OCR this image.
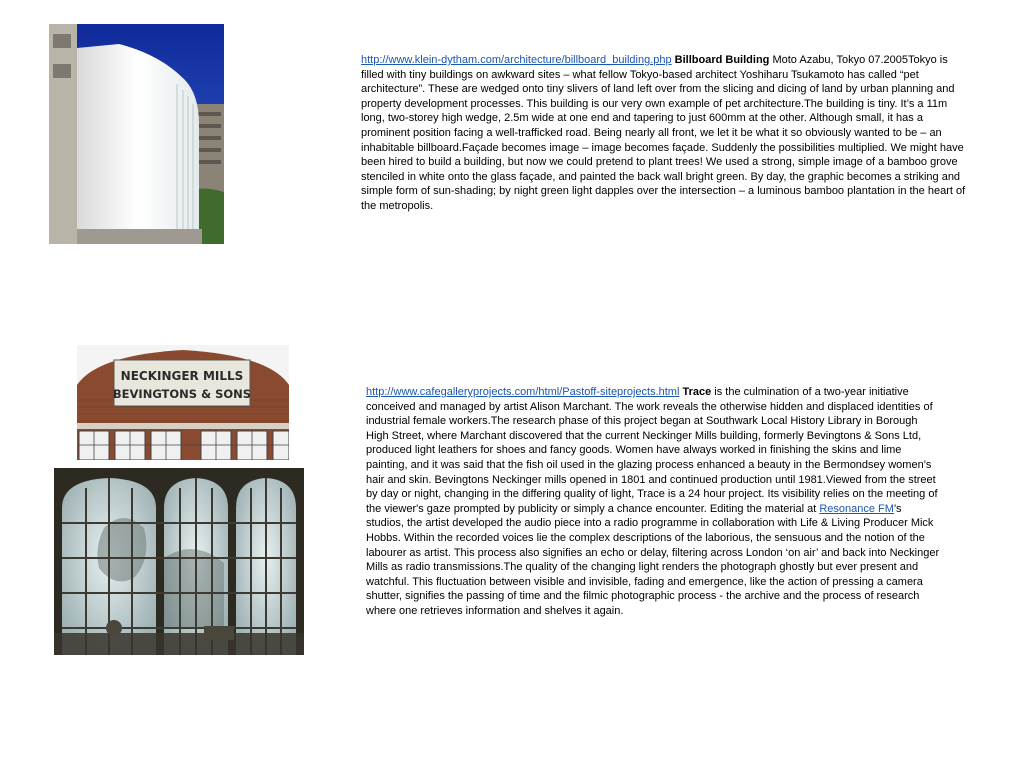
http://www.klein-dytham.com/architecture/billboard_building.php Billboard Building Moto Azabu, Tokyo 07.2005Tokyo is filled with tiny buildings on awkward sites – what fellow Tokyo-based architect Yoshiharu Tsukamoto has called “pet architecture”. These are wedged onto tiny slivers of land left over from the slicing and dicing of land by urban planning and property development processes. This building is our very own example of pet architecture.The building is tiny. It’s a 11m long, two-storey high wedge, 2.5m wide at one end and tapering to just 600mm at the other. Although small, it has a prominent position facing a well-trafficked road. Being nearly all front, we let it be what it so obviously wanted to be – an inhabitable billboard.Façade becomes image – image becomes façade. Suddenly the possibilities multiplied. We might have been hired to build a building, but now we could pretend to plant trees! We used a strong, simple image of a bamboo grove stenciled in white onto the glass façade, and painted the back wall bright green. By day, the graphic becomes a striking and simple form of sun-shading; by night green light dapples over the intersection – a luminous bamboo plantation in the heart of the metropolis.
NECKINGER MILLS
BEVINGTONS & SONS	http://www.cafegalleryprojects.com/html/Pastoff-siteprojects.html Trace is the culmination of a two-year initiative conceived and managed by artist Alison Marchant. The work reveals the otherwise hidden and displaced identities of industrial female workers.The research phase of this project began at Southwark Local History Library in Borough High Street, where Marchant discovered that the current Neckinger Mills building, formerly Bevingtons & Sons Ltd, produced light leathers for shoes and fancy goods. Women have always worked in finishing the skins and lime painting, and it was said that the fish oil used in the glazing process enhanced a beauty in the Bermondsey women’s hair and skin. Bevingtons Neckinger mills opened in 1801 and continued production until 1981.Viewed from the street by day or night, changing in the differing quality of light, Trace is a 24 hour project. Its visibility relies on the meeting of the viewer's gaze prompted by publicity or simply a chance encounter. Editing the material at Resonance FM's studios, the artist developed the audio piece into a radio programme in collaboration with Life & Living Producer Mick Hobbs. Within the recorded voices lie the complex descriptions of the laborious, the sensuous and the notion of the labourer as artist. This process also signifies an echo or delay, filtering across London ‘on air’ and back into Neckinger Mills as radio transmissions.The quality of the changing light renders the photograph ghostly but ever present and watchful. This fluctuation between visible and invisible, fading and emergence, like the action of pressing a camera shutter, signifies the passing of time and the filmic photographic process - the archive and the process of research where one retrieves information and shelves it again.
